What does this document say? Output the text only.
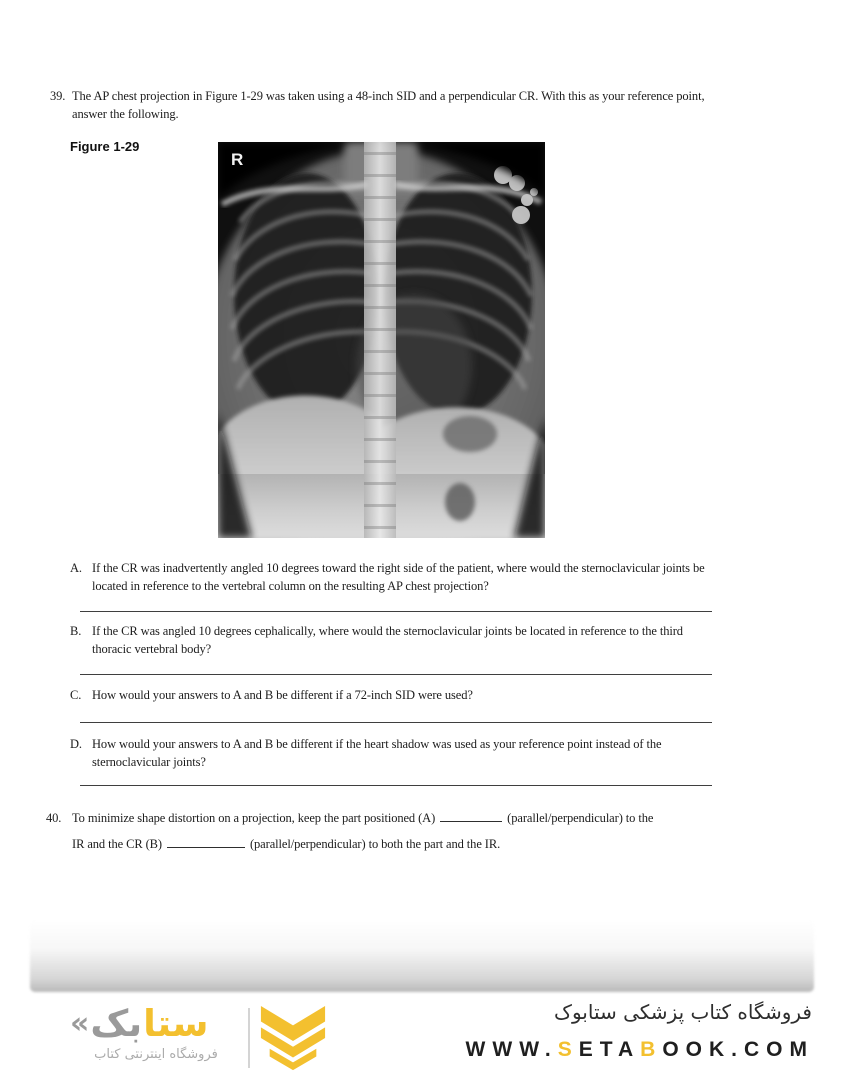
39. The AP chest projection in Figure 1-29 was taken using a 48-inch SID and a perpendicular CR. With this as your reference point, answer the following.
Figure 1-29
R
A. If the CR was inadvertently angled 10 degrees toward the right side of the patient, where would the sternoclavicular joints be located in reference to the vertebral column on the resulting AP chest projection?
B. If the CR was angled 10 degrees cephalically, where would the sternoclavicular joints be located in reference to the third thoracic vertebral body?
C. How would your answers to A and B be different if a 72-inch SID were used?
D. How would your answers to A and B be different if the heart shadow was used as your reference point instead of the sternoclavicular joints?
40. To minimize shape distortion on a projection, keep the part positioned (A)	(parallel/perpendicular) to the
IR and the CR (B)	(parallel/perpendicular) to both the part and the IR.
« بک ستا
فروشگاه اینترنتی کتاب
فروشگاه کتاب پزشکی ستابوک
WWW.SETABOOK.COM
